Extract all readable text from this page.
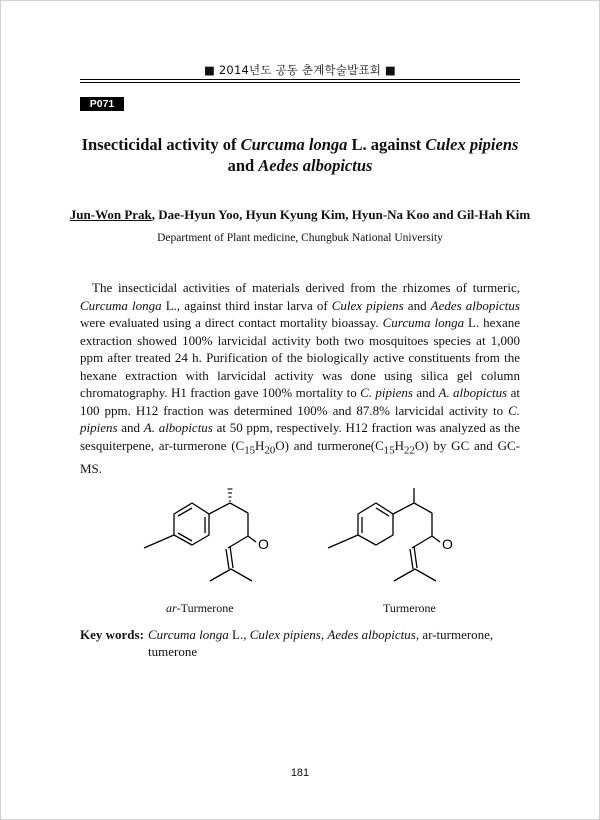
■ 2014년도 공동 춘계학술발표회 ■
P071
Insecticidal activity of Curcuma longa L. against Culex pipiens
and Aedes albopictus
Jun-Won Prak, Dae-Hyun Yoo, Hyun Kyung Kim, Hyun-Na Koo and Gil-Hah Kim
Department of Plant medicine, Chungbuk National University
The insecticidal activities of materials derived from the rhizomes of turmeric, Curcuma longa L., against third instar larva of Culex pipiens and Aedes albopictus were evaluated using a direct contact mortality bioassay. Curcuma longa L. hexane extraction showed 100% larvicidal activity both two mosquitoes species at 1,000 ppm after treated 24 h. Purification of the biologically active constituents from the hexane extraction with larvicidal activity was done using silica gel column chromatography. H1 fraction gave 100% mortality to C. pipiens and A. albopictus at 100 ppm. H12 fraction was determined 100% and 87.8% larvicidal activity to C. pipiens and A. albopictus at 50 ppm, respectively. H12 fraction was analyzed as the sesquiterpene, ar-turmerone $(C_{15}H_{20}O)$ and $turmerone(C_{15}H_{22}O)$ by GC and GC-MS.
O
ar-Turmerone
O
Turmerone
Key words: Curcuma longa L., Culex pipiens, Aedes albopictus, ar-turmerone,
tumerone
181
